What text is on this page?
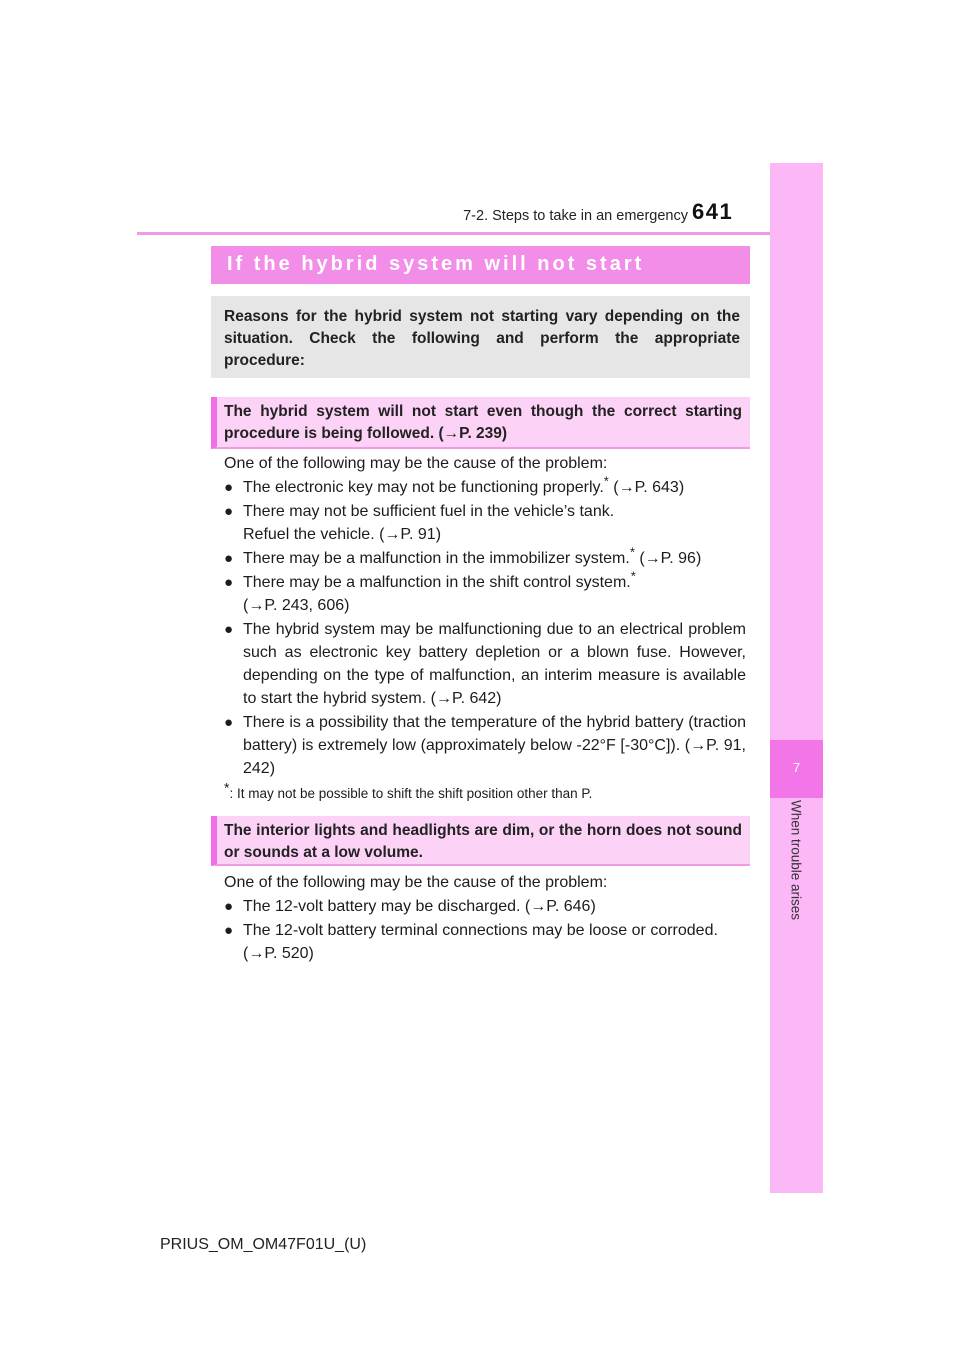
7-2. Steps to take in an emergency 641
7
When trouble arises
If the hybrid system will not start

Reasons for the hybrid system not starting vary depending on the situation. Check the following and perform the appropriate procedure:

The hybrid system will not start even though the correct starting procedure is being followed. (→P. 239)

One of the following may be the cause of the problem:
● The electronic key may not be functioning properly.* (→P. 643)
● There may not be sufficient fuel in the vehicle’s tank.
Refuel the vehicle. (→P. 91)
● There may be a malfunction in the immobilizer system.* (→P. 96)
● There may be a malfunction in the shift control system.*
(→P. 243, 606)
● The hybrid system may be malfunctioning due to an electrical problem such as electronic key battery depletion or a blown fuse. However, depending on the type of malfunction, an interim measure is available to start the hybrid system. (→P. 642)
● There is a possibility that the temperature of the hybrid battery (traction battery) is extremely low (approximately below -22°F [-30°C]). (→P. 91, 242)
*: It may not be possible to shift the shift position other than P.

The interior lights and headlights are dim, or the horn does not sound or sounds at a low volume.

One of the following may be the cause of the problem:
● The 12-volt battery may be discharged. (→P. 646)
● The 12-volt battery terminal connections may be loose or corroded.
(→P. 520)
PRIUS_OM_OM47F01U_(U)
